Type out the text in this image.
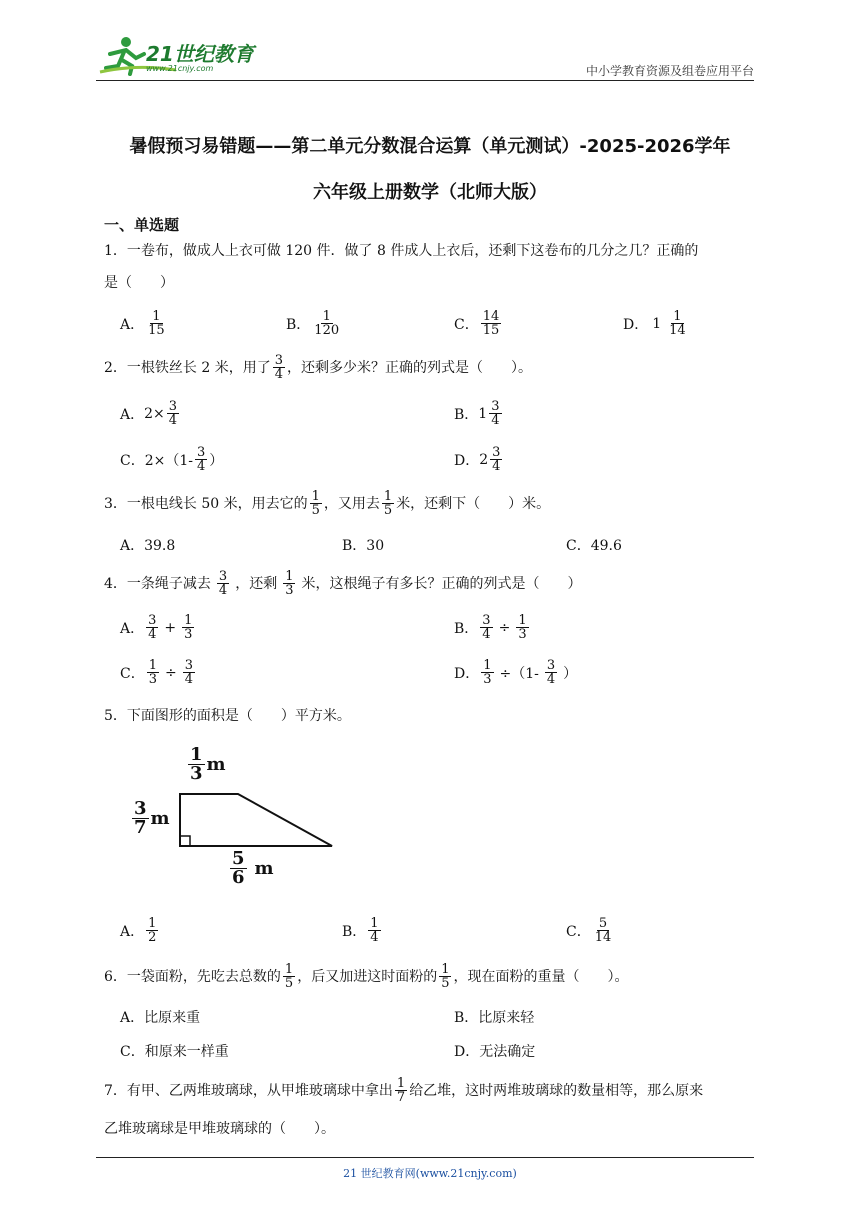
21世纪教育
www.21cnjy.com	中小学教育资源及组卷应用平台
暑假预习易错题——第二单元分数混合运算（单元测试）-2025-2026学年
六年级上册数学（北师大版）
一、单选题
1．一卷布，做成人上衣可做 120 件．做了 8 件成人上衣后，还剩下这卷布的几分之几？正确的
是（　　）
A． $\frac{1}{15}$	B． $\frac{1}{120}$	C． $\frac{14}{15}$	D． $1 \frac{1}{14}$
2．一根铁丝长 2 米，用了 $\frac{3}{4}$ ，还剩多少米？正确的列式是（　　）。
A． $2\times \frac{3}{4}$	B． $1 \frac{3}{4}$
C． $2\times(1- \frac{3}{4}$ ）	D． $2 \frac{3}{4}$
3．一根电线长 50 米，用去它的 $\frac{1}{5}$ ，又用去 $\frac{1}{5}$ 米，还剩下（　　）米。
A．39.8	B．30	C．49.6
4．一条绳子减去 $\frac{3}{4}$ ，还剩 $\frac{1}{3}$ 米，这根绳子有多长？正确的列式是（　　）
A． $\frac{3}{4} + \frac{1}{3}$	B． $\frac{3}{4} \div \frac{1}{3}$
C． $\frac{1}{3} \div \frac{3}{4}$	D． $\frac{1}{3} \div(1- \frac{3}{4}$ ）
5．下面图形的面积是（　　）平方米。
$\frac{1}{3}$ m
$\frac{3}{7}$ m
$\frac{5}{6}$ m
A． $\frac{1}{2}$	B． $\frac{1}{4}$	C． $\frac{5}{14}$
6．一袋面粉，先吃去总数的 $\frac{1}{5}$ ，后又加进这时面粉的 $\frac{1}{5}$ ，现在面粉的重量（　　）。
A．比原来重	B．比原来轻
C．和原来一样重	D．无法确定
7．有甲、乙两堆玻璃球，从甲堆玻璃球中拿出 $\frac{1}{7}$ 给乙堆，这时两堆玻璃球的数量相等，那么原来
乙堆玻璃球是甲堆玻璃球的（　　）。
21 世纪教育网(www.21cnjy.com)
